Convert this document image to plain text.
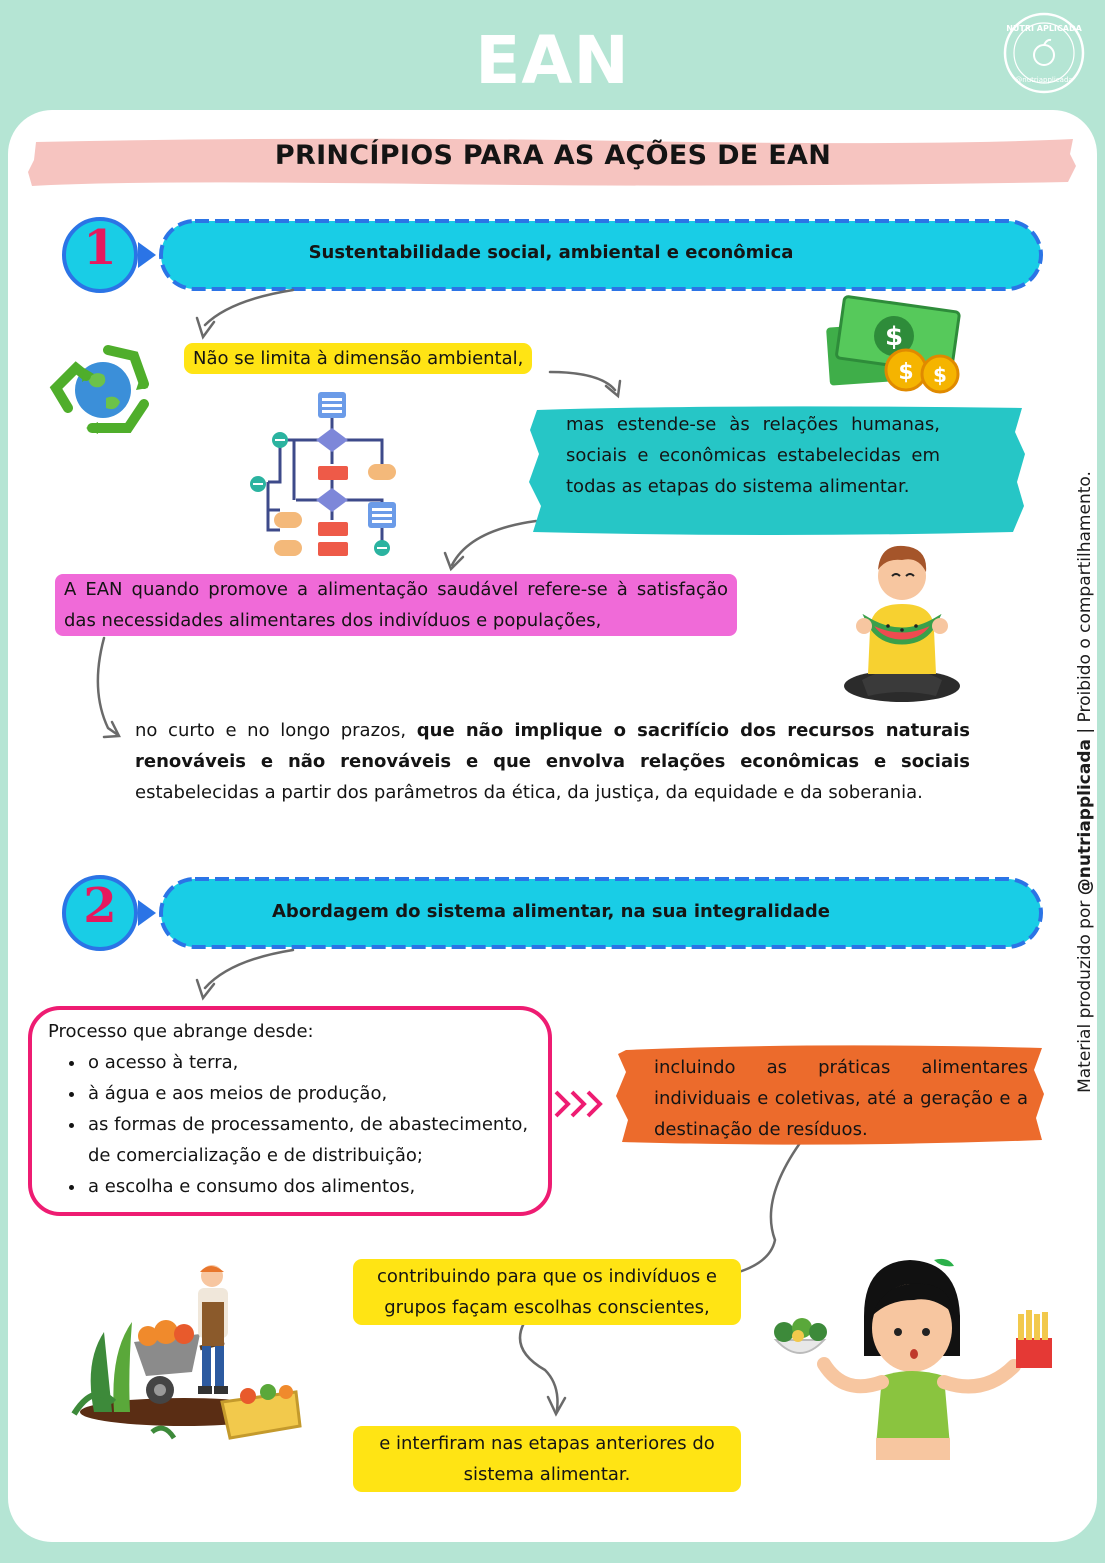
EAN	NUTRI APLICADA
@nutriapplicada
Material produzido por @nutriapplicada | Proibido o compartilhamento.
PRINCÍPIOS PARA AS AÇÕES DE EAN
1	Sustentabilidade social, ambiental e econômica
$
$ $
Não se limita à dimensão ambiental,
mas estende-se às relações humanas, sociais e econômicas estabelecidas em todas as etapas do sistema alimentar.
A EAN quando promove a alimentação saudável refere-se à satisfação das necessidades alimentares dos indivíduos e populações,
no curto e no longo prazos, que não implique o sacrifício dos recursos naturais renováveis e não renováveis e que envolva relações econômicas e sociais estabelecidas a partir dos parâmetros da ética, da justiça, da equidade e da soberania.
2	Abordagem do sistema alimentar, na sua integralidade
Processo que abrange desde:
• o acesso à terra,
• à água e aos meios de produção,
• as formas de processamento, de abastecimento, de comercialização e de distribuição;
• a escolha e consumo dos alimentos,
incluindo as práticas alimentares individuais e coletivas, até a geração e a destinação de resíduos.
contribuindo para que os indivíduos e grupos façam escolhas conscientes,
e interfiram nas etapas anteriores do sistema alimentar.
